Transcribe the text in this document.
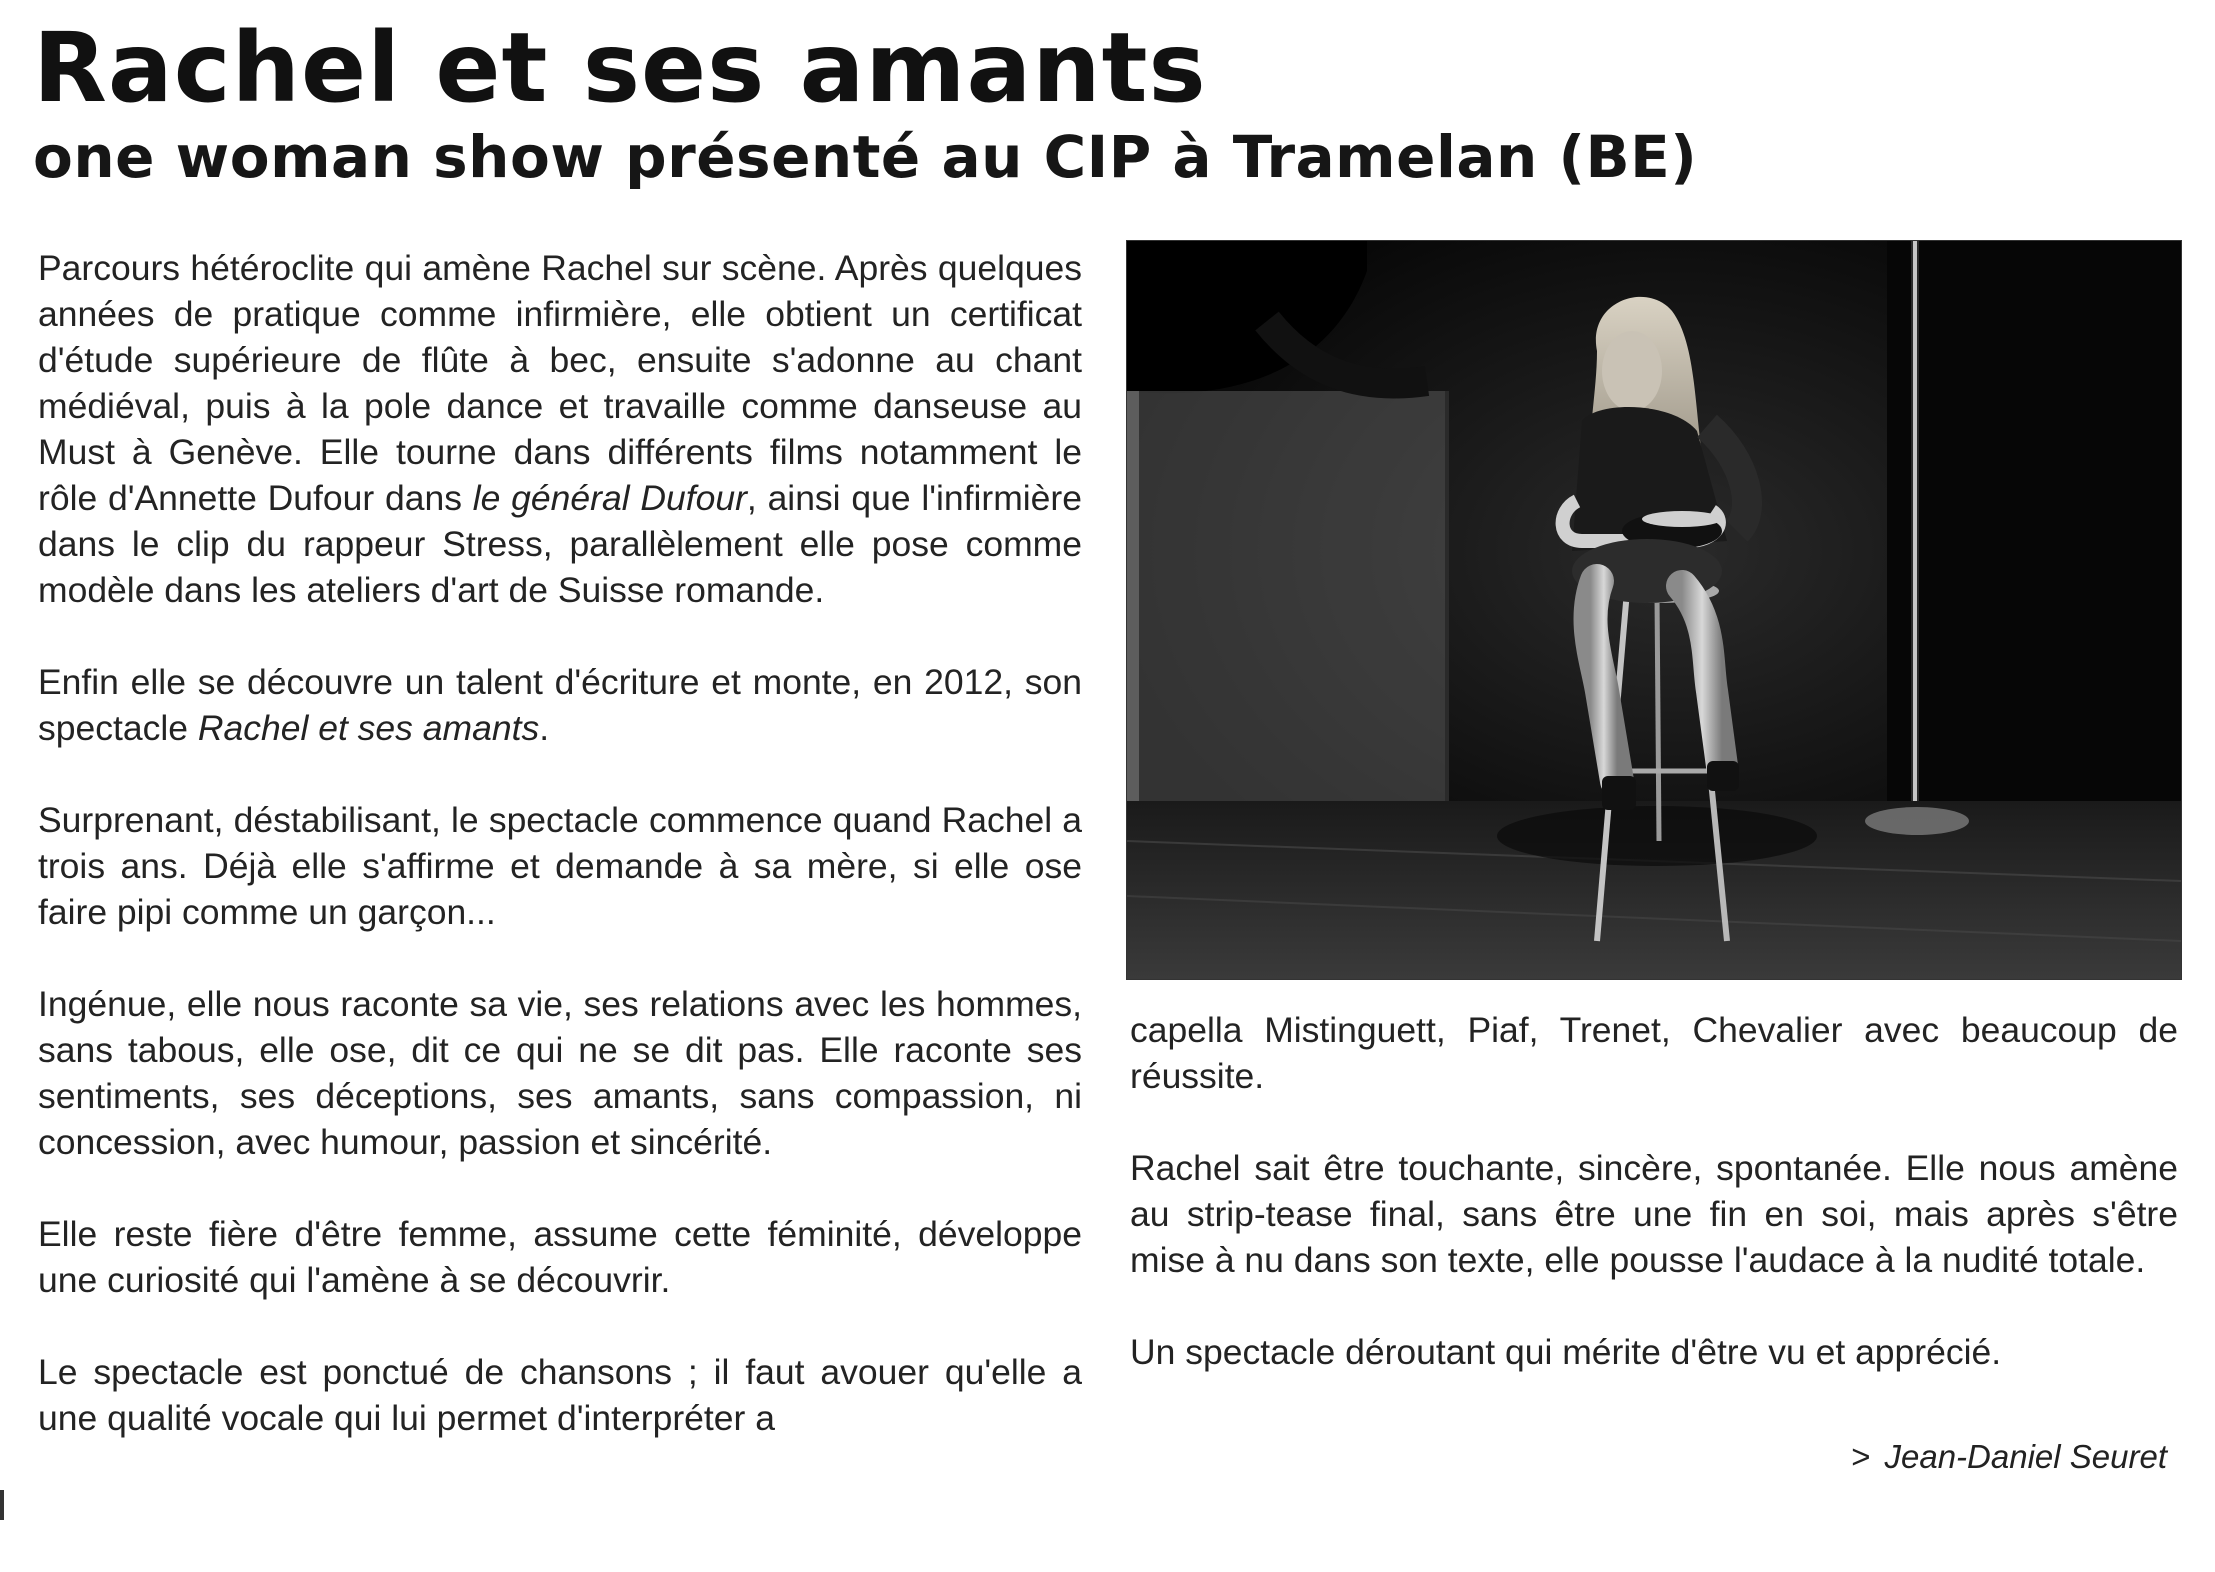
Rachel et ses amants
one woman show présenté au CIP à Tramelan (BE)

Parcours hétéroclite qui amène Rachel sur scène. Après quelques années de pratique comme infirmière, elle obtient un certificat d'étude supérieure de flûte à bec, ensuite s'adonne au chant médiéval, puis à la pole dance et travaille comme danseuse au Must à Genève. Elle tourne dans différents films notamment le rôle d'Annette Dufour dans le général Dufour, ainsi que l'infirmière dans le clip du rappeur Stress, parallèlement elle pose comme modèle dans les ateliers d'art de Suisse romande.

Enfin elle se découvre un talent d'écriture et monte, en 2012, son spectacle Rachel et ses amants.

Surprenant, déstabilisant, le spectacle commence quand Rachel a trois ans. Déjà elle s'affirme et demande à sa mère, si elle ose faire pipi comme un garçon...

Ingénue, elle nous raconte sa vie, ses relations avec les hommes, sans tabous, elle ose, dit ce qui ne se dit pas. Elle raconte ses sentiments, ses déceptions, ses amants, sans compassion, ni concession, avec humour, passion et sincérité.

Elle reste fière d'être femme, assume cette féminité, développe une curiosité qui l'amène à se découvrir.

Le spectacle est ponctué de chansons ; il faut avouer qu'elle a une qualité vocale qui lui permet d'interpréter a

capella Mistinguett, Piaf, Trenet, Chevalier avec beaucoup de réussite.

Rachel sait être touchante, sincère, spontanée. Elle nous amène au strip-tease final, sans être une fin en soi, mais après s'être mise à nu dans son texte, elle pousse l'audace à la nudité totale.

Un spectacle déroutant qui mérite d'être vu et apprécié.

> Jean-Daniel Seuret
